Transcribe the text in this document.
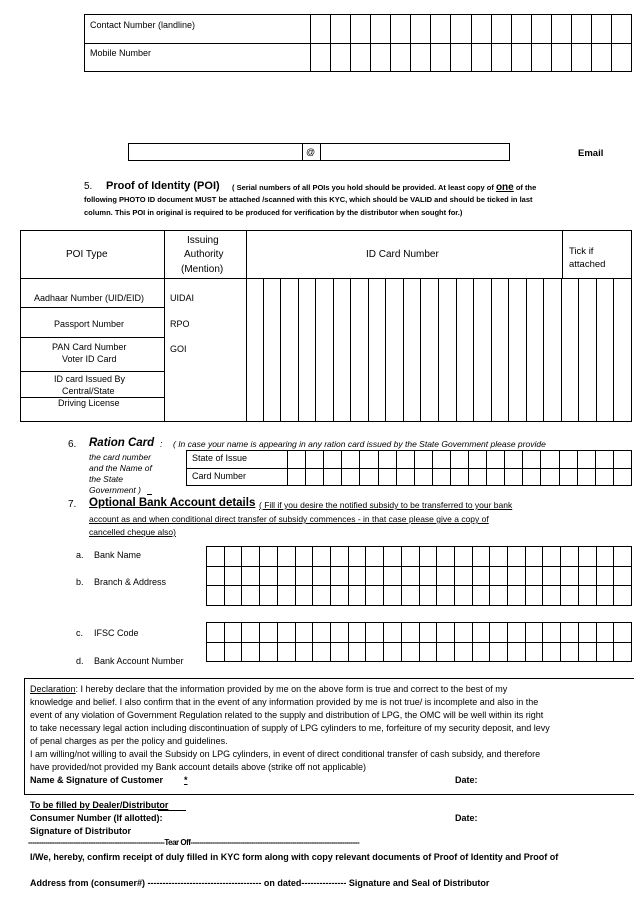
Contact Number (landline)
Mobile Number
@	Email
5. Proof of Identity (POI) ( Serial numbers of all POIs you hold should be provided. At least copy of one of the
following PHOTO ID document MUST be attached /scanned with this KYC, which should be VALID and should be ticked in last
column. This POI in original is required to be produced for verification by the distributor when sought for.)
POI Type
Issuing
Authority
(Mention)
ID Card Number	Tick if
attached
Aadhaar Number (UID/EID)	UIDAI
Passport Number	RPO
PAN Card Number	GOI
Voter ID Card
ID card Issued By
Central/State
Driving License
6. Ration Card : ( In case your name is appearing in any ration card issued by the State Government please provide
the card number
and the Name of
the State
Government )
State of Issue
Card Number
7. Optional Bank Account details ( Fill if you desire the notified subsidy to be transferred to your bank
account as and when conditional direct transfer of subsidy commences - in that case please give a copy of
cancelled cheque also)
a. Bank Name
b. Branch & Address
c. IFSC Code
d. Bank Account Number
Declaration: I hereby declare that the information provided by me on the above form is true and correct to the best of my
knowledge and belief. I also confirm that in the event of any information provided by me is not true/ is incomplete and also in the
event of any violation of Government Regulation related to the supply and distribution of LPG, the OMC will be well within its right
to take necessary legal action including discontinuation of supply of LPG cylinders to me, forfeiture of my security deposit, and levy
of penal charges as per the policy and guidelines.
I am willing/not willing to avail the Subsidy on LPG cylinders, in event of direct conditional transfer of cash subsidy, and therefore
have provided/not provided my Bank account details above (strike off not applicable)
Name & Signature of Customer *	Date:
To be filled by Dealer/Distributor
Consumer Number (If allotted):	Date:
Signature of Distributor
---------------------------------------------------------------Tear Off------------------------------------------------------------------------------
I/We, hereby, confirm receipt of duly filled in KYC form along with copy relevant documents of Proof of Identity and Proof of
Address from (consumer#) -------------------------------------- on dated--------------- Signature and Seal of Distributor
